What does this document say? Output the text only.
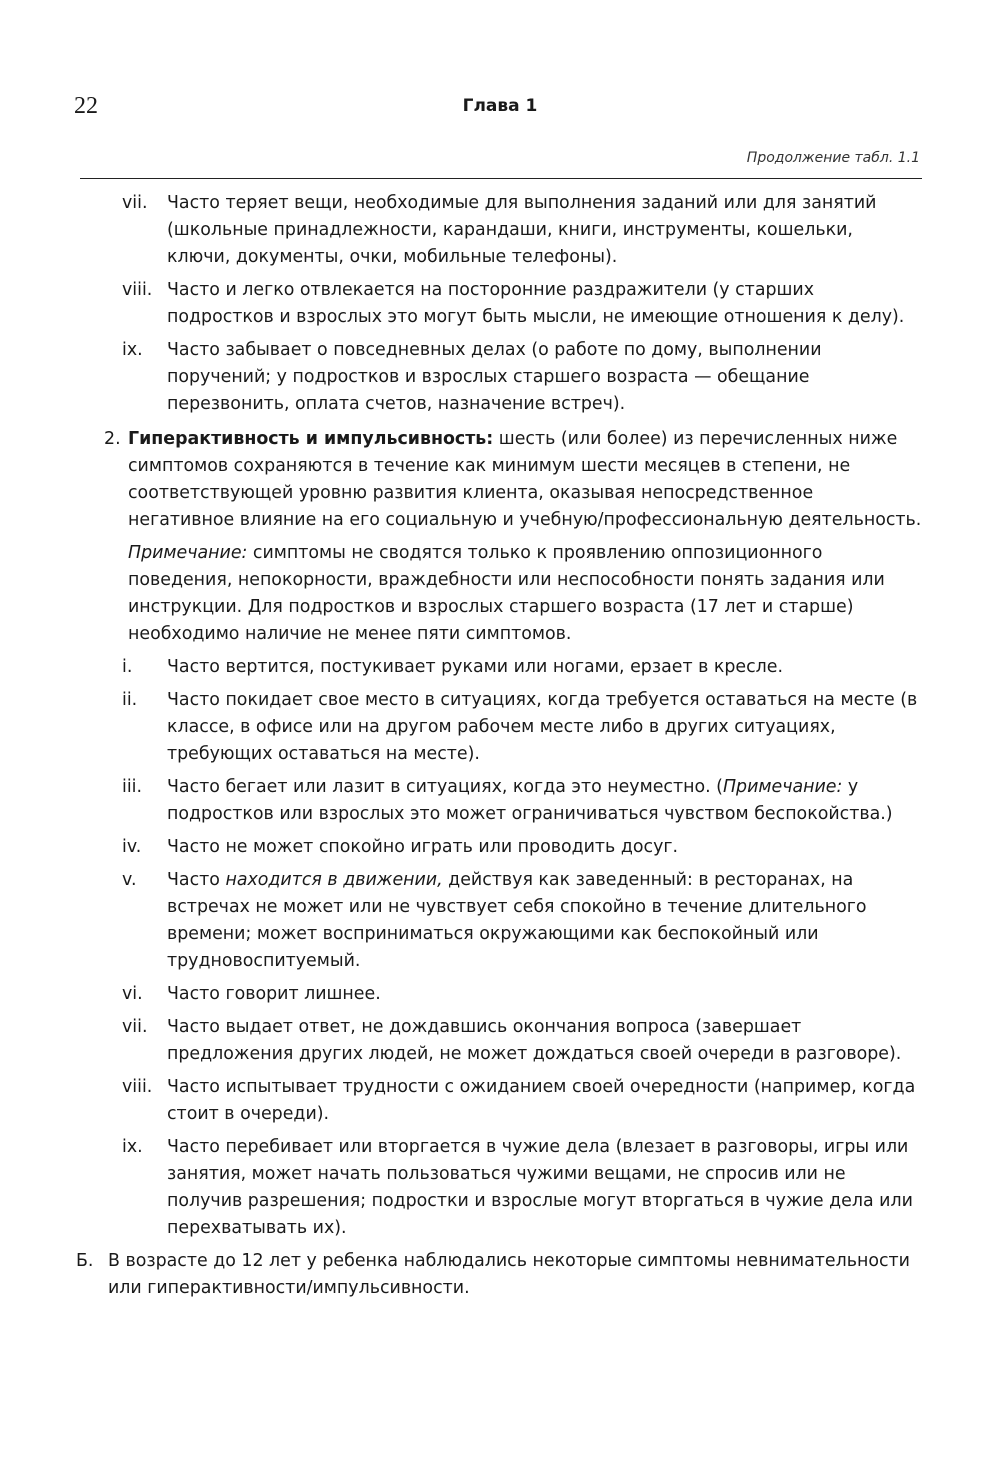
22	Глава 1
Продолжение табл. 1.1
vii.	Часто теряет вещи, необходимые для выполнения заданий или для занятий (школьные принадлежности, карандаши, книги, инструменты, кошельки, ключи, документы, очки, мобильные телефоны).
viii. Часто и легко отвлекается на посторонние раздражители (у старших подростков и взрослых это могут быть мысли, не имеющие отношения к делу).
ix.	Часто забывает о повседневных делах (о работе по дому, выполнении поручений; у подростков и взрослых старшего возраста — обещание перезвонить, оплата счетов, назначение встреч).
2. Гиперактивность и импульсивность: шесть (или более) из перечисленных ниже симптомов сохраняются в течение как минимум шести месяцев в степени, не соответствующей уровню развития клиента, оказывая непосредственное негативное влияние на его социальную и учебную/профессиональную деятельность.
Примечание: симптомы не сводятся только к проявлению оппозиционного поведения, непокорности, враждебности или неспособности понять задания или инструкции. Для подростков и взрослых старшего возраста (17 лет и старше) необходимо наличие не менее пяти симптомов.
i.	Часто вертится, постукивает руками или ногами, ерзает в кресле.
ii.	Часто покидает свое место в ситуациях, когда требуется оставаться на месте (в классе, в офисе или на другом рабочем месте либо в других ситуациях, требующих оставаться на месте).
iii.	Часто бегает или лазит в ситуациях, когда это неуместно. (Примечание: у подростков или взрослых это может ограничиваться чувством беспокойства.)
iv.	Часто не может спокойно играть или проводить досуг.
v.	Часто находится в движении, действуя как заведенный: в ресторанах, на встречах не может или не чувствует себя спокойно в течение длительного времени; может восприниматься окружающими как беспокойный или трудновоспитуемый.
vi.	Часто говорит лишнее.
vii.	Часто выдает ответ, не дождавшись окончания вопроса (завершает предложения других людей, не может дождаться своей очереди в разговоре).
viii. Часто испытывает трудности с ожиданием своей очередности (например, когда стоит в очереди).
ix.	Часто перебивает или вторгается в чужие дела (влезает в разговоры, игры или занятия, может начать пользоваться чужими вещами, не спросив или не получив разрешения; подростки и взрослые могут вторгаться в чужие дела или перехватывать их).
Б. В возрасте до 12 лет у ребенка наблюдались некоторые симптомы невнимательности или гиперактивности/импульсивности.
